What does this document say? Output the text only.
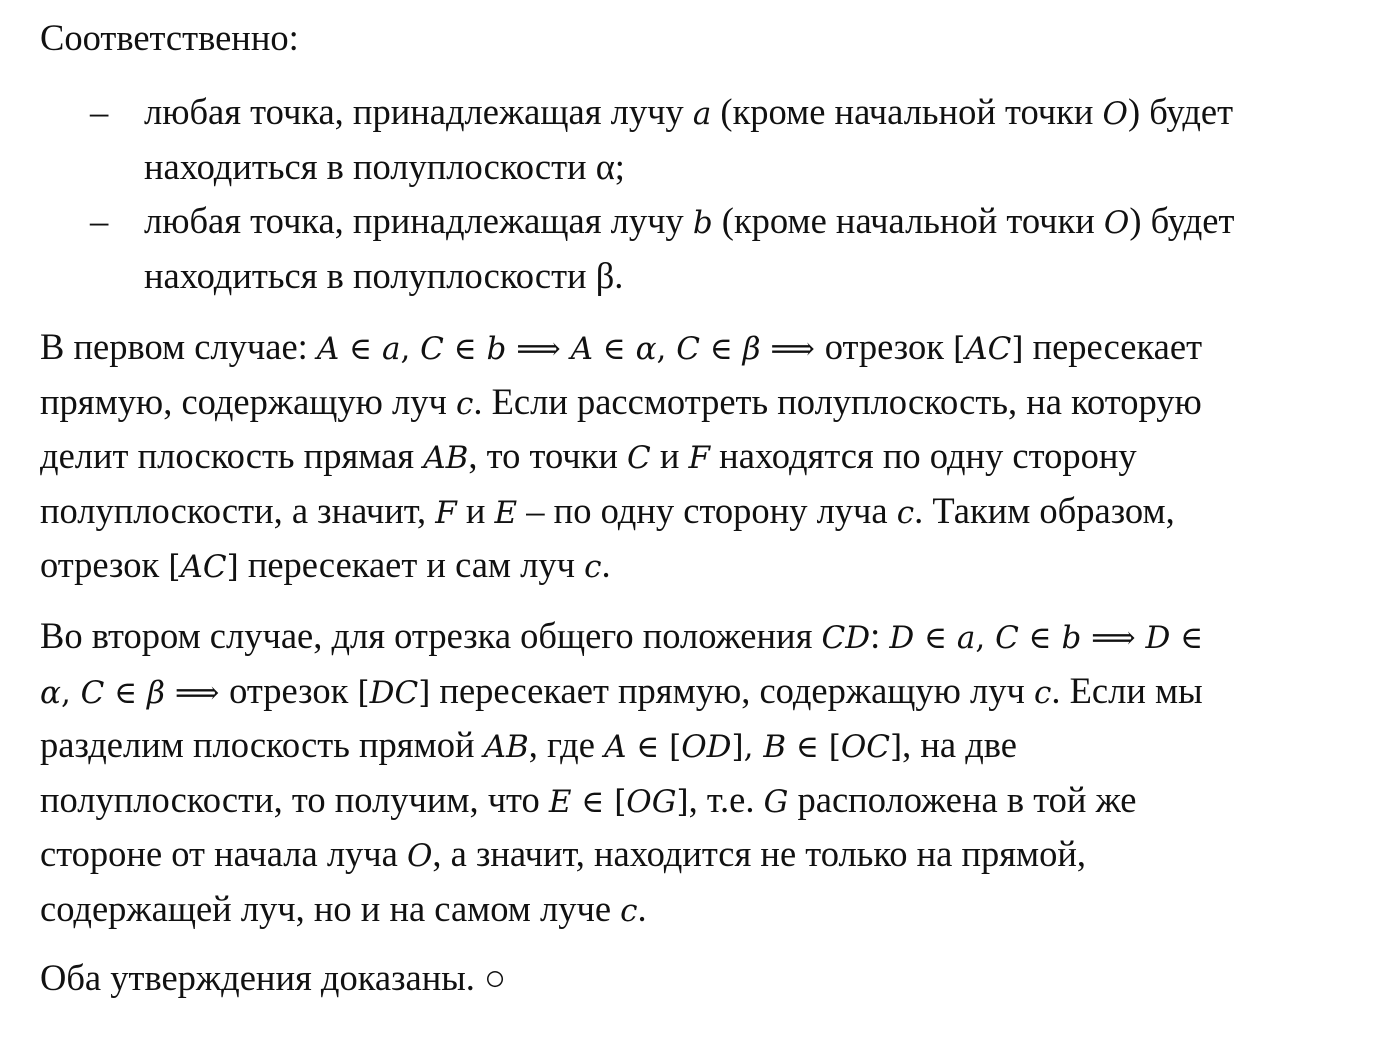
Соответственно:
– любая точка, принадлежащая лучу a (кроме начальной точки O) будет
находиться в полуплоскости α;
– любая точка, принадлежащая лучу b (кроме начальной точки O) будет
находиться в полуплоскости β.
В первом случае: A ∈ a, C ∈ b ⟹ A ∈ α, C ∈ β ⟹ отрезок [AC] пересекает
прямую, содержащую луч c. Если рассмотреть полуплоскость, на которую
делит плоскость прямая AB, то точки C и F находятся по одну сторону
полуплоскости, а значит, F и E – по одну сторону луча c. Таким образом,
отрезок [AC] пересекает и сам луч c.
Во втором случае, для отрезка общего положения CD: D ∈ a, C ∈ b ⟹ D ∈
α, C ∈ β ⟹ отрезок [DC] пересекает прямую, содержащую луч c. Если мы
разделим плоскость прямой AB, где A ∈ [OD], B ∈ [OC], на две
полуплоскости, то получим, что E ∈ [OG], т.е. G расположена в той же
стороне от начала луча O, а значит, находится не только на прямой,
содержащей луч, но и на самом луче c.
Оба утверждения доказаны. ○
